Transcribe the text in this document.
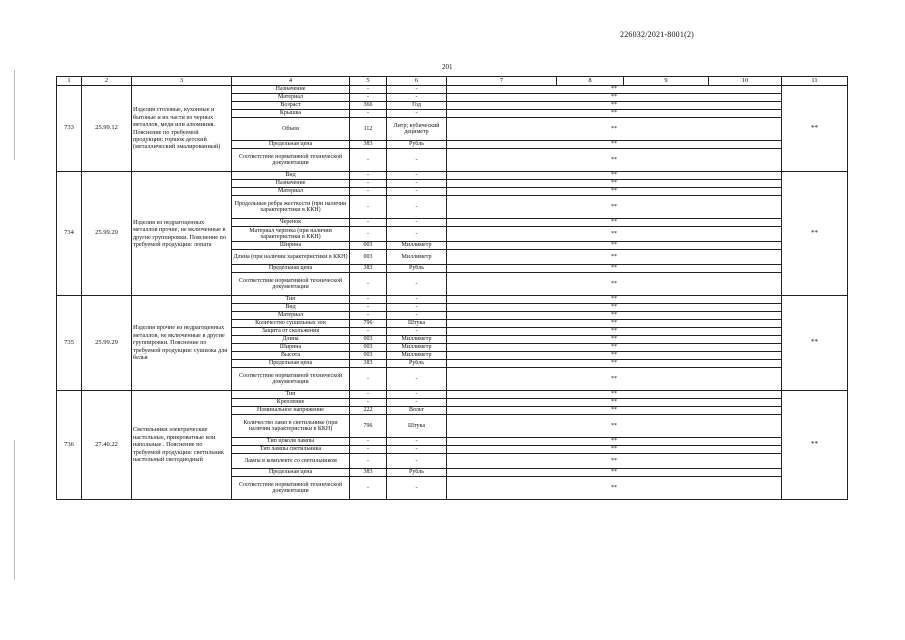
226032/2021-8001(2)
201
1	2	3	4	5	6	7	8	9	10	11
733	25.99.12	Изделия столовые, кухонные и бытовые и их части из черных металлов, меди или алюминия. Пояснение по требуемой продукции: горшок детский (металлический эмалированный)	Назначение	-	-	**				**
			Материал	-	-	**				
			Возраст	366	Год	**				
			Крышка	-	-	**				
			Объем	112	Литр; кубический дециметр	**				
			Предельная цена	383	Рубль	**				
			Соответствие нормативной технической документации	-	-	**				
734	25.99.29	Изделия из недрагоценных металлов прочие, не включенные в другие группировки. Пояснение по требуемой продукции: лопата	Вид	-	-	**				**
			Назначение	-	-	**				
			Материал	-	-	**				
			Продольные ребра жесткости (при наличии характеристики в ККН)	-	-	**				
			Черенок	-	-	**				
			Материал черенка (при наличии характеристики в ККН)	-	-	**				
			Ширина	003	Миллиметр	**				
			Длина (при наличии характеристики в ККН)	003	Миллиметр	**				
			Предельная цена	383	Рубль	**				
			Соответствие нормативной технической документации	-	-	**				
735	25.99.29	Изделия прочие из недрагоценных металлов, не включенные в другие группировки. Пояснение по требуемой продукции: сушилка для белья	Тип	-	-	**				**
			Вид	-	-	**				
			Материал	-	-	**				
			Количество сушильных зон	796	Штука	**				
			Защита от скольжения	-	-	**				
			Длина	003	Миллиметр	**				
			Ширина	003	Миллиметр	**				
			Высота	003	Миллиметр	**				
			Предельная цена	383	Рубль	**				
			Соответствие нормативной технической документации	-	-	**				
736	27.40.22	Светильники электрические настольные, прикроватные или напольные . Пояснение по требуемой продукции: светильник настольный светодиодный	Тип	-	-	**				**
			Крепление	-	-	**				
			Номинальное напряжение	222	Вольт	**				
			Количество ламп в светильнике (при наличии характеристики в ККН)	796	Штука	**				
			Тип цоколя лампы	-	-	**				
			Тип лампы светильника	-	-	**				
			Лампа в комплекте со светильником	-	-	**				
			Предельная цена	383	Рубль	**				
			Соответствие нормативной технической документации	-	-	**				
